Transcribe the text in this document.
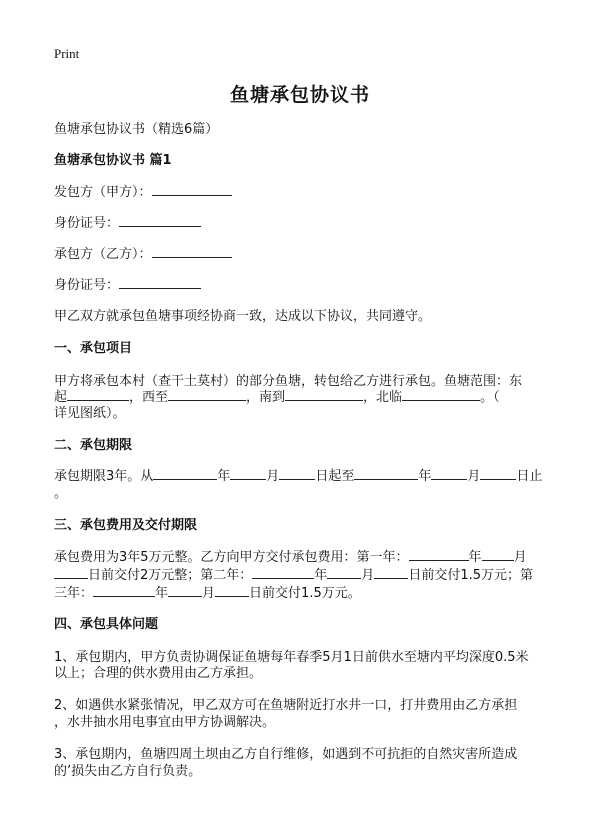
Print
鱼塘承包协议书
鱼塘承包协议书（精选6篇）
鱼塘承包协议书 篇1
发包方（甲方）：
身份证号：
承包方（乙方）：
身份证号：
甲乙双方就承包鱼塘事项经协商一致，达成以下协议，共同遵守。
一、承包项目
甲方将承包本村（查干土莫村）的部分鱼塘，转包给乙方进行承包。鱼塘范围：东
起	，西至	，南到	，北临	。（
详见图纸）。
二、承包期限
承包期限3年。从	年	月	日起至	年	月	日止
。
三、承包费用及交付期限
承包费用为3年5万元整。乙方向甲方交付承包费用：第一年：	年 月
日前交付2万元整；第二年：	年	月	日前交付1.5万元；第
三年：	年	月	日前交付1.5万元。
四、承包具体问题
1、承包期内，甲方负责协调保证鱼塘每年春季5月1日前供水至塘内平均深度0.5米
以上；合理的供水费用由乙方承担。
2、如遇供水紧张情况，甲乙双方可在鱼塘附近打水井一口，打井费用由乙方承担
，水井抽水用电事宜由甲方协调解决。
3、承包期内，鱼塘四周土坝由乙方自行维修，如遇到不可抗拒的自然灾害所造成
的’损失由乙方自行负责。
